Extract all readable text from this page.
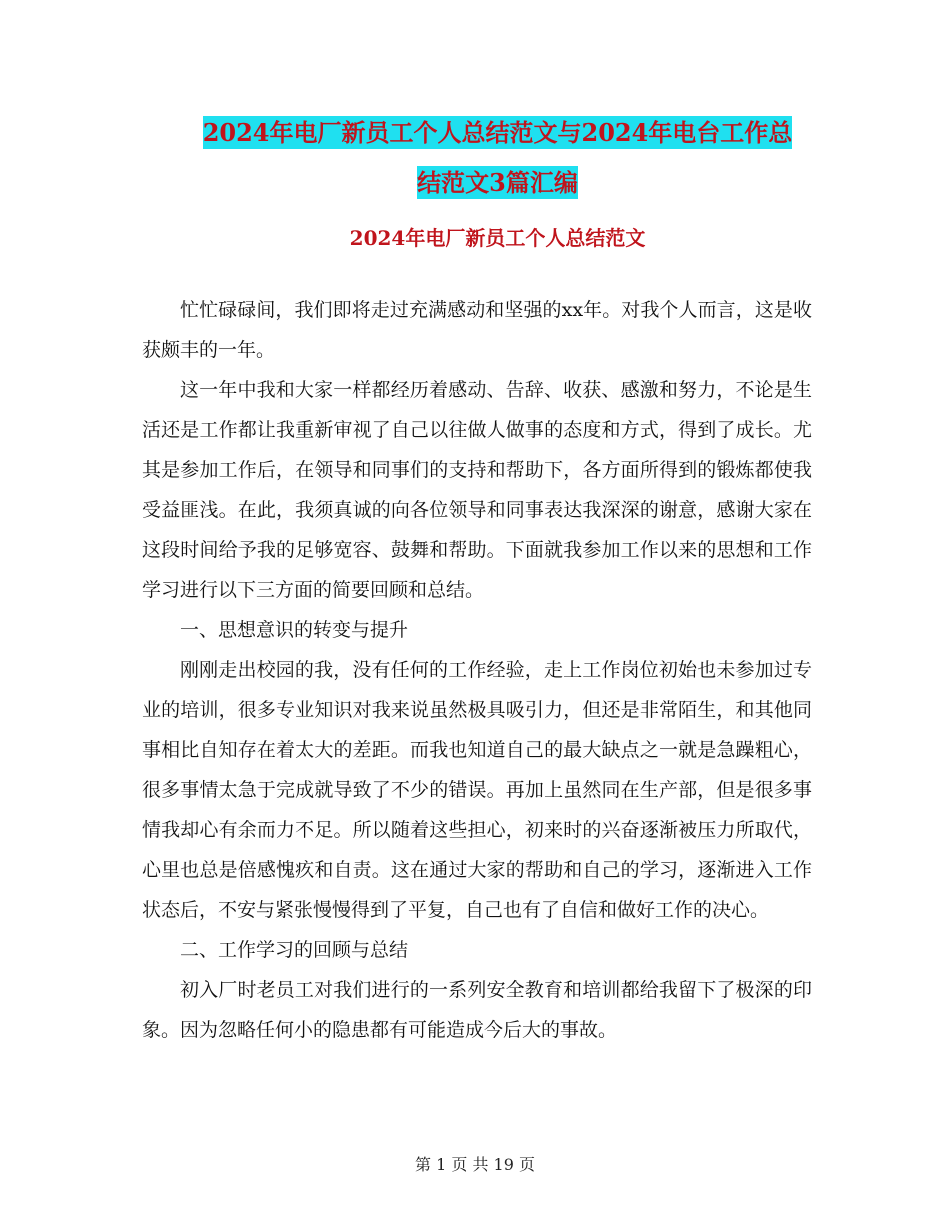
2024年电厂新员工个人总结范文与2024年电台工作总
结范文3篇汇编
2024年电厂新员工个人总结范文

忙忙碌碌间，我们即将走过充满感动和坚强的xx年。对我个人而言，这是收获颇丰的一年。

这一年中我和大家一样都经历着感动、告辞、收获、感激和努力，不论是生活还是工作都让我重新审视了自己以往做人做事的态度和方式，得到了成长。尤其是参加工作后，在领导和同事们的支持和帮助下，各方面所得到的锻炼都使我受益匪浅。在此，我须真诚的向各位领导和同事表达我深深的谢意，感谢大家在这段时间给予我的足够宽容、鼓舞和帮助。下面就我参加工作以来的思想和工作学习进行以下三方面的简要回顾和总结。

一、思想意识的转变与提升

刚刚走出校园的我，没有任何的工作经验，走上工作岗位初始也未参加过专业的培训，很多专业知识对我来说虽然极具吸引力，但还是非常陌生，和其他同事相比自知存在着太大的差距。而我也知道自己的最大缺点之一就是急躁粗心，很多事情太急于完成就导致了不少的错误。再加上虽然同在生产部，但是很多事情我却心有余而力不足。所以随着这些担心，初来时的兴奋逐渐被压力所取代，心里也总是倍感愧疚和自责。这在通过大家的帮助和自己的学习，逐渐进入工作状态后，不安与紧张慢慢得到了平复，自己也有了自信和做好工作的决心。

二、工作学习的回顾与总结

初入厂时老员工对我们进行的一系列安全教育和培训都给我留下了极深的印象。因为忽略任何小的隐患都有可能造成今后大的事故。

第 1 页 共 19 页
